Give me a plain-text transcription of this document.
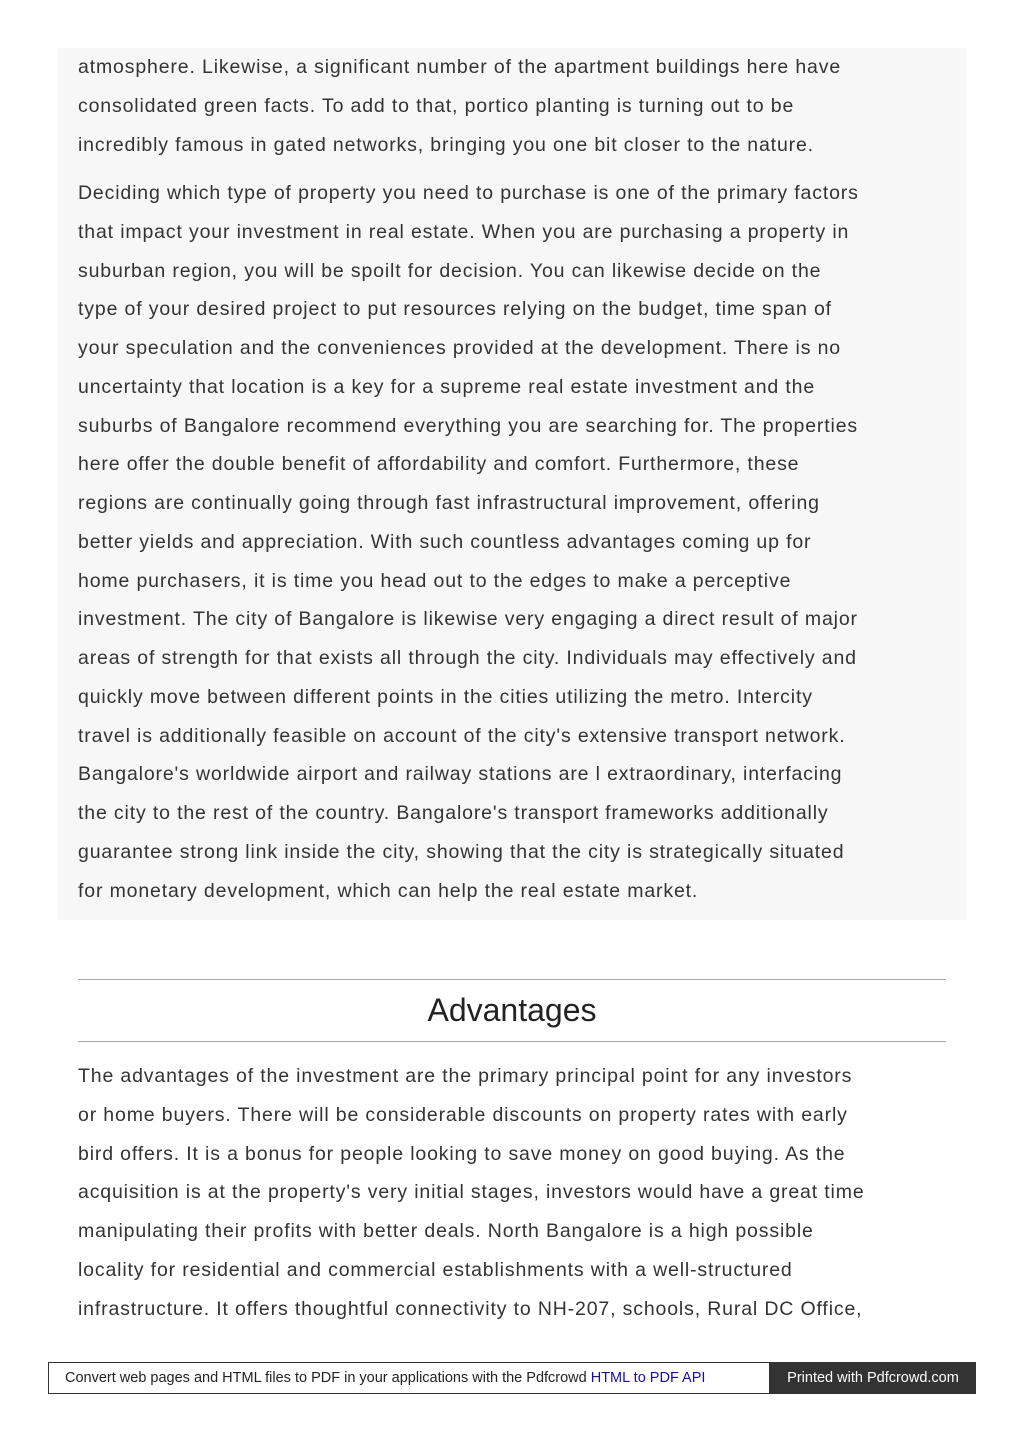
atmosphere. Likewise, a significant number of the apartment buildings here have
consolidated green facts. To add to that, portico planting is turning out to be
incredibly famous in gated networks, bringing you one bit closer to the nature.

Deciding which type of property you need to purchase is one of the primary factors
that impact your investment in real estate. When you are purchasing a property in
suburban region, you will be spoilt for decision. You can likewise decide on the
type of your desired project to put resources relying on the budget, time span of
your speculation and the conveniences provided at the development. There is no
uncertainty that location is a key for a supreme real estate investment and the
suburbs of Bangalore recommend everything you are searching for. The properties
here offer the double benefit of affordability and comfort. Furthermore, these
regions are continually going through fast infrastructural improvement, offering
better yields and appreciation. With such countless advantages coming up for
home purchasers, it is time you head out to the edges to make a perceptive
investment. The city of Bangalore is likewise very engaging a direct result of major
areas of strength for that exists all through the city. Individuals may effectively and
quickly move between different points in the cities utilizing the metro. Intercity
travel is additionally feasible on account of the city's extensive transport network.
Bangalore's worldwide airport and railway stations are l extraordinary, interfacing
the city to the rest of the country. Bangalore's transport frameworks additionally
guarantee strong link inside the city, showing that the city is strategically situated
for monetary development, which can help the real estate market.

Advantages

The advantages of the investment are the primary principal point for any investors
or home buyers. There will be considerable discounts on property rates with early
bird offers. It is a bonus for people looking to save money on good buying. As the
acquisition is at the property's very initial stages, investors would have a great time
manipulating their profits with better deals. North Bangalore is a high possible
locality for residential and commercial establishments with a well-structured
infrastructure. It offers thoughtful connectivity to NH-207, schools, Rural DC Office,

Convert web pages and HTML files to PDF in your applications with the Pdfcrowd HTML to PDF API	Printed with Pdfcrowd.com
